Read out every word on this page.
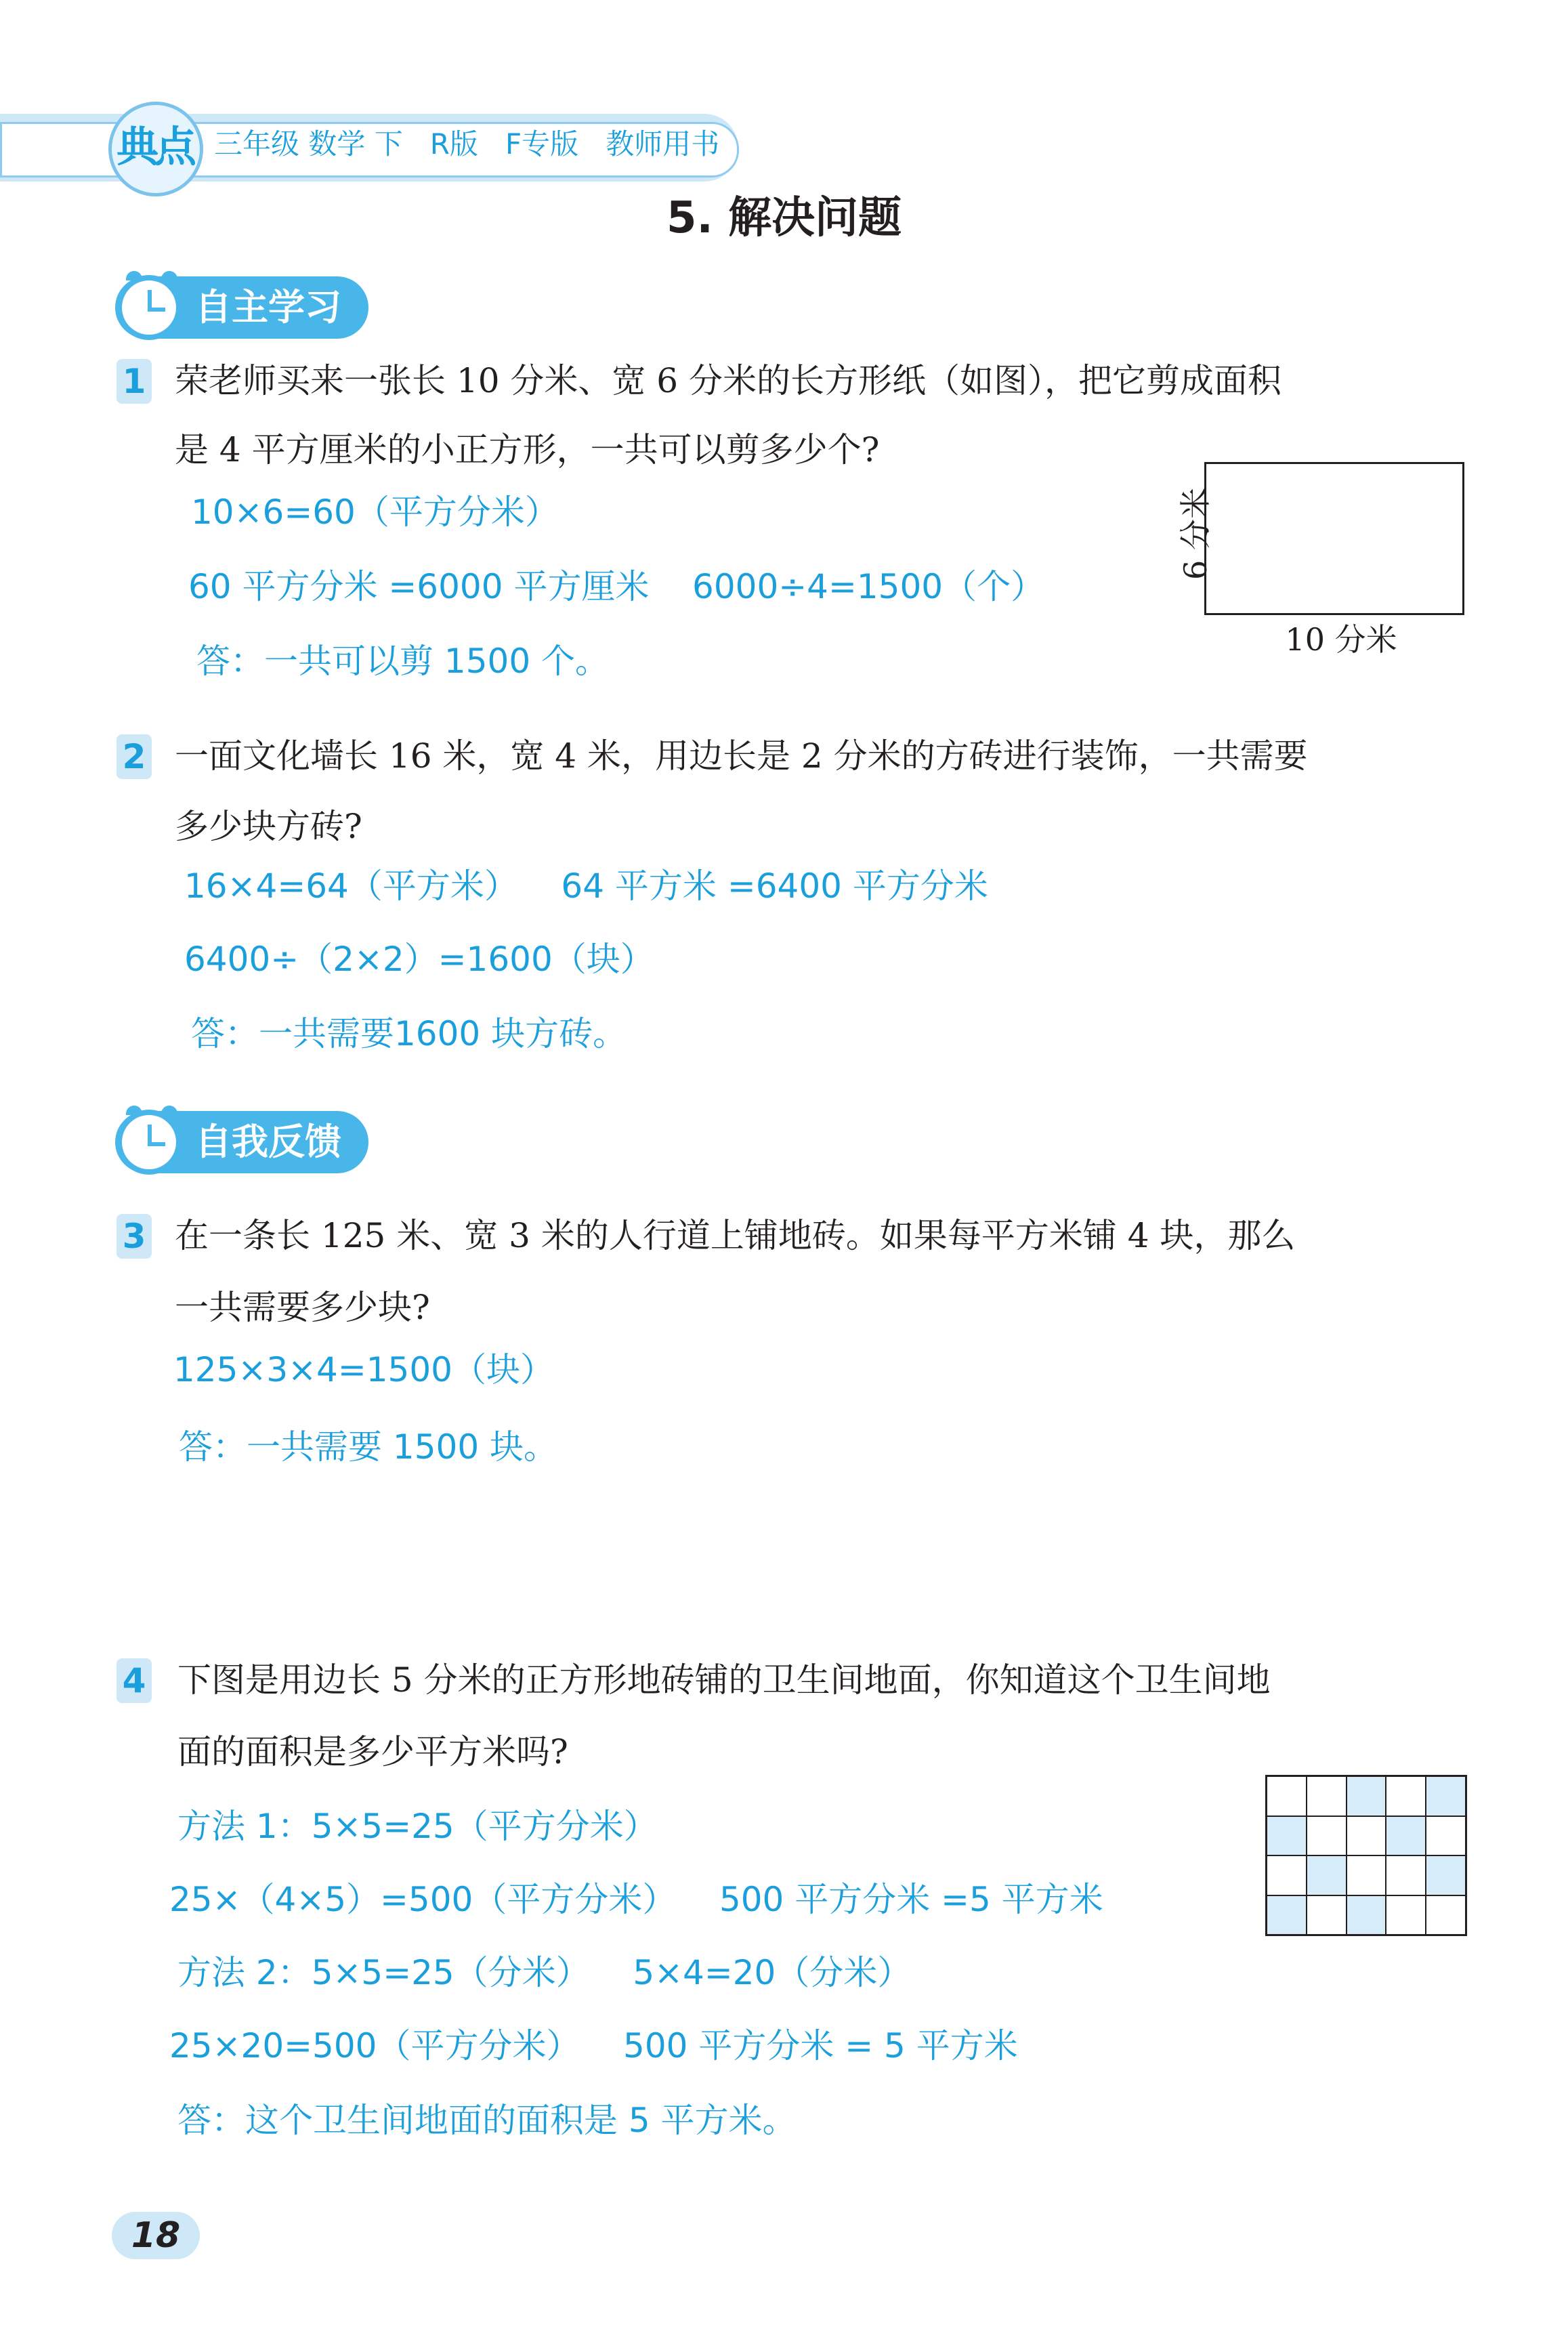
典点 三年级 数学 下   R版   F专版   教师用书
5. 解决问题
自主学习
1 荣老师买来一张长 10 分米、宽 6 分米的长方形纸（如图），把它剪成面积
是 4 平方厘米的小正方形，一共可以剪多少个?
10×6=60（平方分米）
60 平方分米 =6000 平方厘米    6000÷4=1500（个）
答：一共可以剪 1500 个。
6 分米
10 分米
2 一面文化墙长 16 米，宽 4 米，用边长是 2 分米的方砖进行装饰，一共需要
多少块方砖?
16×4=64（平方米）    64 平方米 =6400 平方分米
6400÷（2×2）=1600（块）
答：一共需要1600 块方砖。
自我反馈
3 在一条长 125 米、宽 3 米的人行道上铺地砖。如果每平方米铺 4 块，那么
一共需要多少块?
125×3×4=1500（块）
答：一共需要 1500 块。
4 下图是用边长 5 分米的正方形地砖铺的卫生间地面，你知道这个卫生间地
面的面积是多少平方米吗?
方法 1：5×5=25（平方分米）
25×（4×5）=500（平方分米）    500 平方分米 =5 平方米
方法 2：5×5=25（分米）    5×4=20（分米）
25×20=500（平方分米）    500 平方分米 = 5 平方米
答：这个卫生间地面的面积是 5 平方米。
18
